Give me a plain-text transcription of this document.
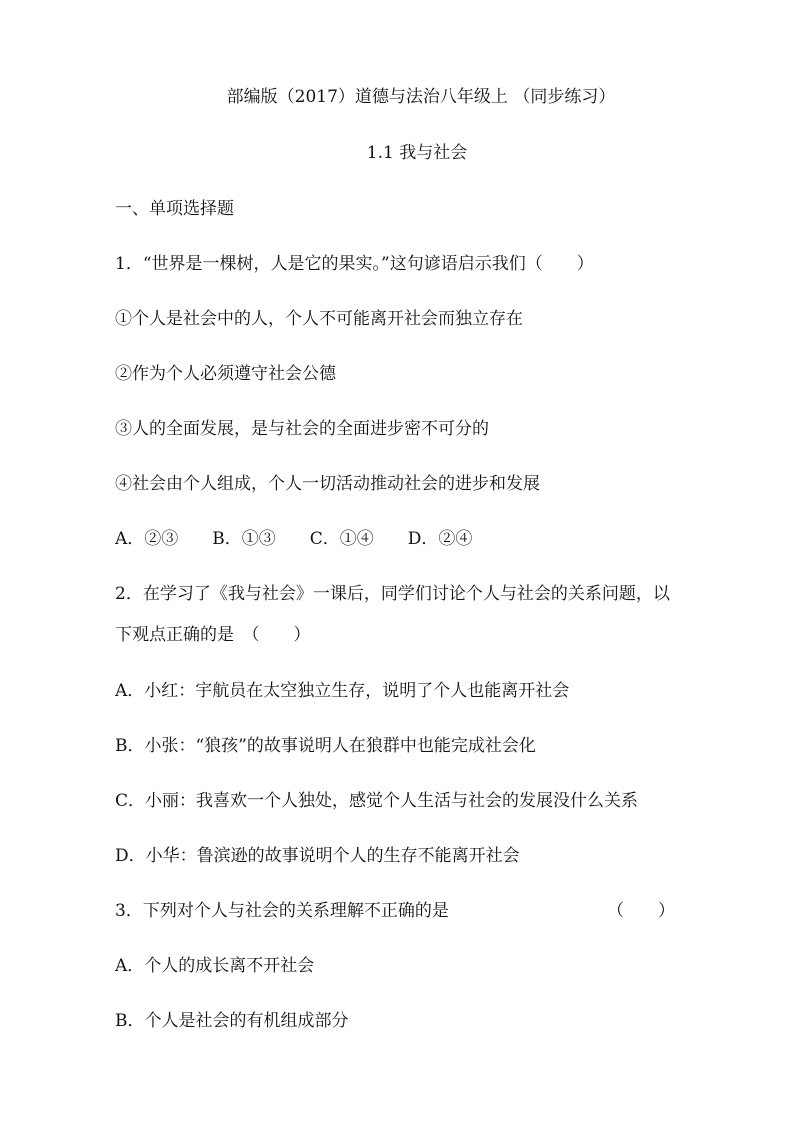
部编版（2017）道德与法治八年级上 （同步练习）
1.1 我与社会
一、单项选择题
1．“世界是一棵树，人是它的果实。”这句谚语启示我们（　　）
①个人是社会中的人，个人不可能离开社会而独立存在
②作为个人必须遵守社会公德
③人的全面发展，是与社会的全面进步密不可分的
④社会由个人组成，个人一切活动推动社会的进步和发展
A．②③　　B．①③　　C．①④　　D．②④
2．在学习了《我与社会》一课后，同学们讨论个人与社会的关系问题，以
下观点正确的是　（　　）
A．小红：宇航员在太空独立生存，说明了个人也能离开社会
B．小张：“狼孩”的故事说明人在狼群中也能完成社会化
C．小丽：我喜欢一个人独处，感觉个人生活与社会的发展没什么关系
D．小华：鲁滨逊的故事说明个人的生存不能离开社会
3．下列对个人与社会的关系理解不正确的是	（　　）
A．个人的成长离不开社会
B．个人是社会的有机组成部分
